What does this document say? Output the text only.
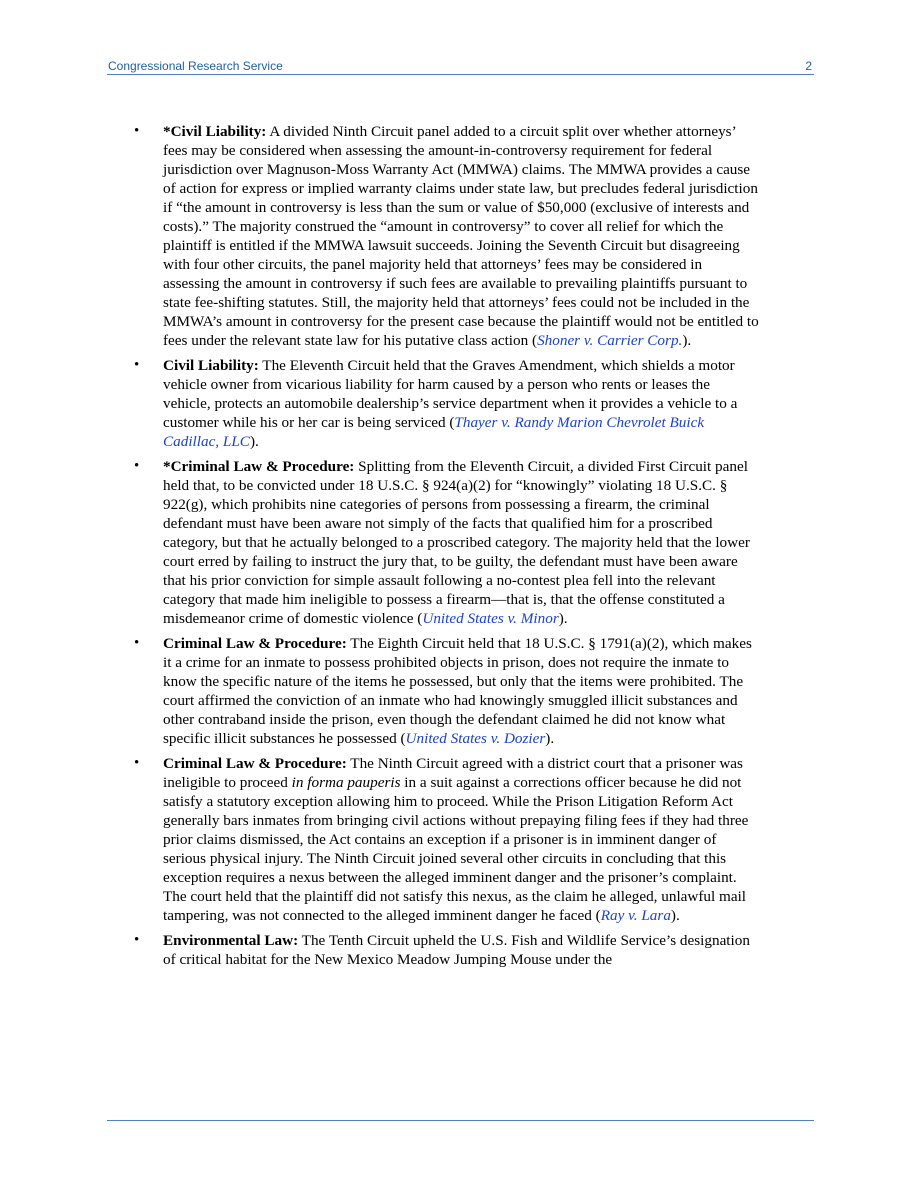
Congressional Research Service	2
• *Civil Liability: A divided Ninth Circuit panel added to a circuit split over whether attorneys’ fees may be considered when assessing the amount-in-controversy requirement for federal jurisdiction over Magnuson-Moss Warranty Act (MMWA) claims. The MMWA provides a cause of action for express or implied warranty claims under state law, but precludes federal jurisdiction if “the amount in controversy is less than the sum or value of $50,000 (exclusive of interests and costs).” The majority construed the “amount in controversy” to cover all relief for which the plaintiff is entitled if the MMWA lawsuit succeeds. Joining the Seventh Circuit but disagreeing with four other circuits, the panel majority held that attorneys’ fees may be considered in assessing the amount in controversy if such fees are available to prevailing plaintiffs pursuant to state fee-shifting statutes. Still, the majority held that attorneys’ fees could not be included in the MMWA’s amount in controversy for the present case because the plaintiff would not be entitled to fees under the relevant state law for his putative class action (Shoner v. Carrier Corp.).
• Civil Liability: The Eleventh Circuit held that the Graves Amendment, which shields a motor vehicle owner from vicarious liability for harm caused by a person who rents or leases the vehicle, protects an automobile dealership’s service department when it provides a vehicle to a customer while his or her car is being serviced (Thayer v. Randy Marion Chevrolet Buick Cadillac, LLC).
• *Criminal Law & Procedure: Splitting from the Eleventh Circuit, a divided First Circuit panel held that, to be convicted under 18 U.S.C. § 924(a)(2) for “knowingly” violating 18 U.S.C. § 922(g), which prohibits nine categories of persons from possessing a firearm, the criminal defendant must have been aware not simply of the facts that qualified him for a proscribed category, but that he actually belonged to a proscribed category. The majority held that the lower court erred by failing to instruct the jury that, to be guilty, the defendant must have been aware that his prior conviction for simple assault following a no-contest plea fell into the relevant category that made him ineligible to possess a firearm—that is, that the offense constituted a misdemeanor crime of domestic violence (United States v. Minor).
• Criminal Law & Procedure: The Eighth Circuit held that 18 U.S.C. § 1791(a)(2), which makes it a crime for an inmate to possess prohibited objects in prison, does not require the inmate to know the specific nature of the items he possessed, but only that the items were prohibited. The court affirmed the conviction of an inmate who had knowingly smuggled illicit substances and other contraband inside the prison, even though the defendant claimed he did not know what specific illicit substances he possessed (United States v. Dozier).
• Criminal Law & Procedure: The Ninth Circuit agreed with a district court that a prisoner was ineligible to proceed in forma pauperis in a suit against a corrections officer because he did not satisfy a statutory exception allowing him to proceed. While the Prison Litigation Reform Act generally bars inmates from bringing civil actions without prepaying filing fees if they had three prior claims dismissed, the Act contains an exception if a prisoner is in imminent danger of serious physical injury. The Ninth Circuit joined several other circuits in concluding that this exception requires a nexus between the alleged imminent danger and the prisoner’s complaint. The court held that the plaintiff did not satisfy this nexus, as the claim he alleged, unlawful mail tampering, was not connected to the alleged imminent danger he faced (Ray v. Lara).
• Environmental Law: The Tenth Circuit upheld the U.S. Fish and Wildlife Service’s designation of critical habitat for the New Mexico Meadow Jumping Mouse under the
